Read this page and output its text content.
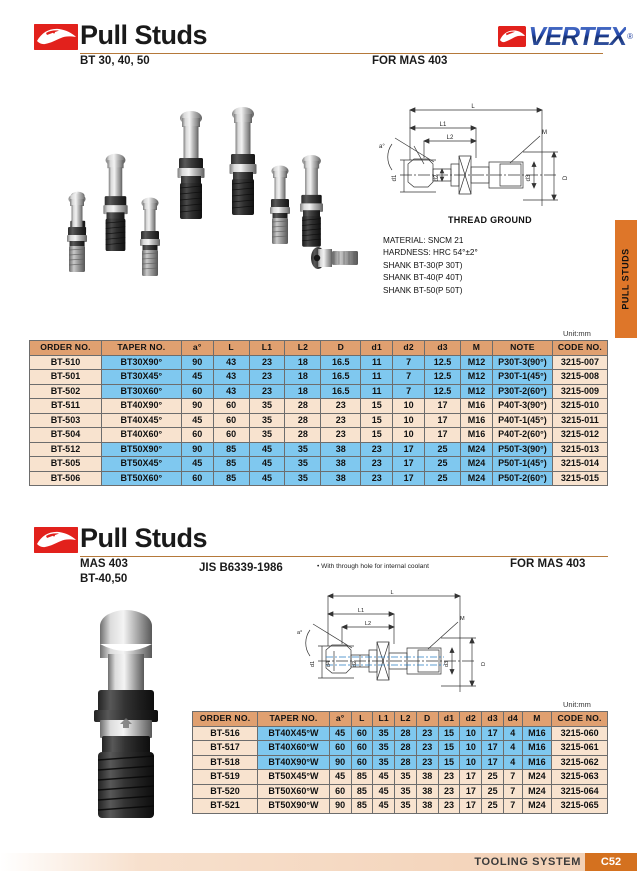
Pull Studs
BT 30, 40, 50	FOR MAS 403
VERTEX ®
PULL STUDS
L
L1
L2
M
a°
D
d3
d1	d2
THREAD GROUND
MATERIAL: SNCM 21
HARDNESS: HRC 54°±2°
SHANK BT-30(P 30T)
SHANK BT-40(P 40T)
SHANK BT-50(P 50T)
Unit:mm
ORDER NO.	TAPER NO.	a°	L	L1	L2	D	d1	d2	d3	M	NOTE	CODE NO.
BT-510	BT30X90°	90	43	23	18	16.5	11	7	12.5	M12	P30T-3(90°)	3215-007
BT-501	BT30X45°	45	43	23	18	16.5	11	7	12.5	M12	P30T-1(45°)	3215-008
BT-502	BT30X60°	60	43	23	18	16.5	11	7	12.5	M12	P30T-2(60°)	3215-009
BT-511	BT40X90°	90	60	35	28	23	15	10	17	M16	P40T-3(90°)	3215-010
BT-503	BT40X45°	45	60	35	28	23	15	10	17	M16	P40T-1(45°)	3215-011
BT-504	BT40X60°	60	60	35	28	23	15	10	17	M16	P40T-2(60°)	3215-012
BT-512	BT50X90°	90	85	45	35	38	23	17	25	M24	P50T-3(90°)	3215-013
BT-505	BT50X45°	45	85	45	35	38	23	17	25	M24	P50T-1(45°)	3215-014
BT-506	BT50X60°	60	85	45	35	38	23	17	25	M24	P50T-2(60°)	3215-015
Pull Studs
MAS 403
BT-40,50
JIS B6339-1986	FOR MAS 403
• With through hole for internal coolant
L
L1
L2
M
a°
D
d3
d1	d2
d4
Unit:mm
ORDER NO.	TAPER NO.	a°	L	L1	L2	D	d1	d2	d3	d4	M	CODE NO.
BT-516	BT40X45°W	45	60	35	28	23	15	10	17	4	M16	3215-060
BT-517	BT40X60°W	60	60	35	28	23	15	10	17	4	M16	3215-061
BT-518	BT40X90°W	90	60	35	28	23	15	10	17	4	M16	3215-062
BT-519	BT50X45°W	45	85	45	35	38	23	17	25	7	M24	3215-063
BT-520	BT50X60°W	60	85	45	35	38	23	17	25	7	M24	3215-064
BT-521	BT50X90°W	90	85	45	35	38	23	17	25	7	M24	3215-065
TOOLING SYSTEM	C52
